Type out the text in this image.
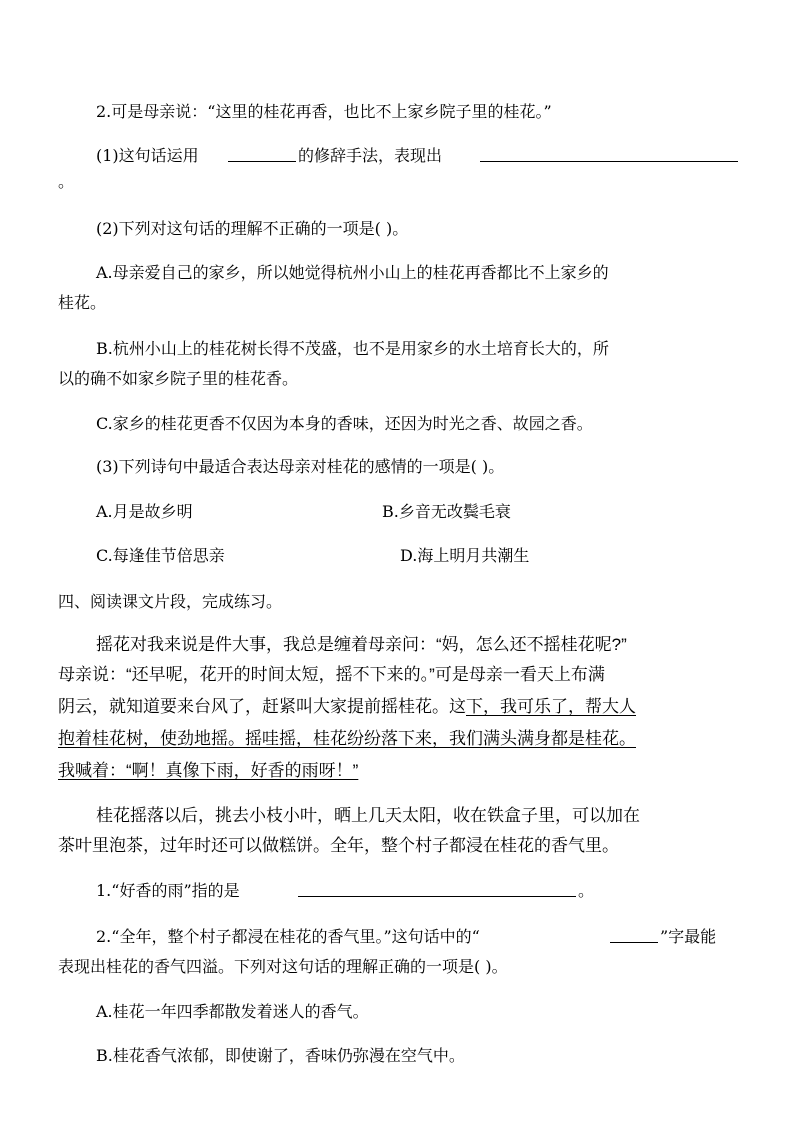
2.可是母亲说：“这里的桂花再香，也比不上家乡院子里的桂花。”
(1)这句话运用	的修辞手法，表现出
。
(2)下列对这句话的理解不正确的一项是( )。
A.母亲爱自己的家乡，所以她觉得杭州小山上的桂花再香都比不上家乡的
桂花。
B.杭州小山上的桂花树长得不茂盛，也不是用家乡的水土培育长大的，所
以的确不如家乡院子里的桂花香。
C.家乡的桂花更香不仅因为本身的香味，还因为时光之香、故园之香。
(3)下列诗句中最适合表达母亲对桂花的感情的一项是( )。
A.月是故乡明	B.乡音无改鬓毛衰
C.每逢佳节倍思亲	D.海上明月共潮生
四、阅读课文片段，完成练习。
摇花对我来说是件大事，我总是缠着母亲问：“妈，怎么还不摇桂花呢?”
母亲说：“还早呢，花开的时间太短，摇不下来的。”可是母亲一看天上布满
阴云，就知道要来台风了，赶紧叫大家提前摇桂花。这下，我可乐了，帮大人
抱着桂花树，使劲地摇。摇哇摇，桂花纷纷落下来，我们满头满身都是桂花。
我喊着：“啊！真像下雨，好香的雨呀！”
桂花摇落以后，挑去小枝小叶，晒上几天太阳，收在铁盒子里，可以加在
茶叶里泡茶，过年时还可以做糕饼。全年，整个村子都浸在桂花的香气里。
1.“好香的雨”指的是	。
2.“全年，整个村子都浸在桂花的香气里。”这句话中的“	”字最能
表现出桂花的香气四溢。下列对这句话的理解正确的一项是( )。
A.桂花一年四季都散发着迷人的香气。
B.桂花香气浓郁，即使谢了，香味仍弥漫在空气中。
